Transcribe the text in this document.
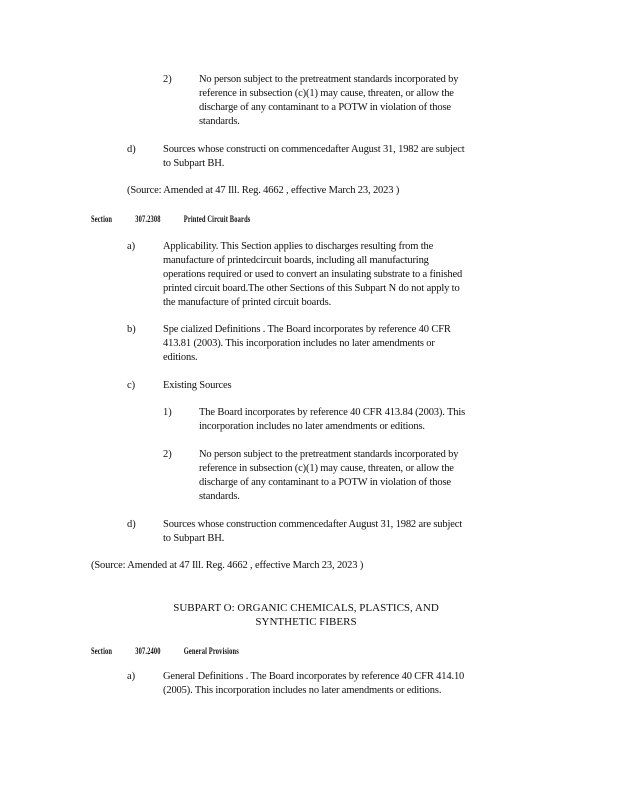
2)	No person subject to the pretreatment standards incorporated by

reference in subsection (c)(1) may cause, threaten, or allow the

discharge of any contaminant to a POTW in violation of those

standards.

d)	Sources whose constructi on commencedafter August 31, 1982 are subject

to Subpart BH.

(Source: Amended at 47 Ill. Reg. 4662 , effective March 23, 2023 )

Section	307.2308	Printed Circuit Boards
a)	Applicability. This Section applies to discharges resulting from the

manufacture of printedcircuit boards, including all manufacturing

operations required or used to convert an insulating substrate to a finished

printed circuit board.The other Sections of this Subpart N do not apply to

the manufacture of printed circuit boards.

b)	Spe cialized Definitions . The Board incorporates by reference 40 CFR

413.81 (2003). This incorporation includes no later amendments or

editions.

c)	Existing Sources

1)	The Board incorporates by reference 40 CFR 413.84 (2003). This

incorporation includes no later amendments or editions.

2)	No person subject to the pretreatment standards incorporated by

reference in subsection (c)(1) may cause, threaten, or allow the

discharge of any contaminant to a POTW in violation of those

standards.

d)	Sources whose construction commencedafter August 31, 1982 are subject

to Subpart BH.

(Source: Amended at 47 Ill. Reg. 4662 , effective March 23, 2023 )

SUBPART O: ORGANIC CHEMICALS, PLASTICS, AND

SYNTHETIC FIBERS

Section	307.2400	General Provisions
a)	General Definitions . The Board incorporates by reference 40 CFR 414.10

(2005). This incorporation includes no later amendments or editions.
